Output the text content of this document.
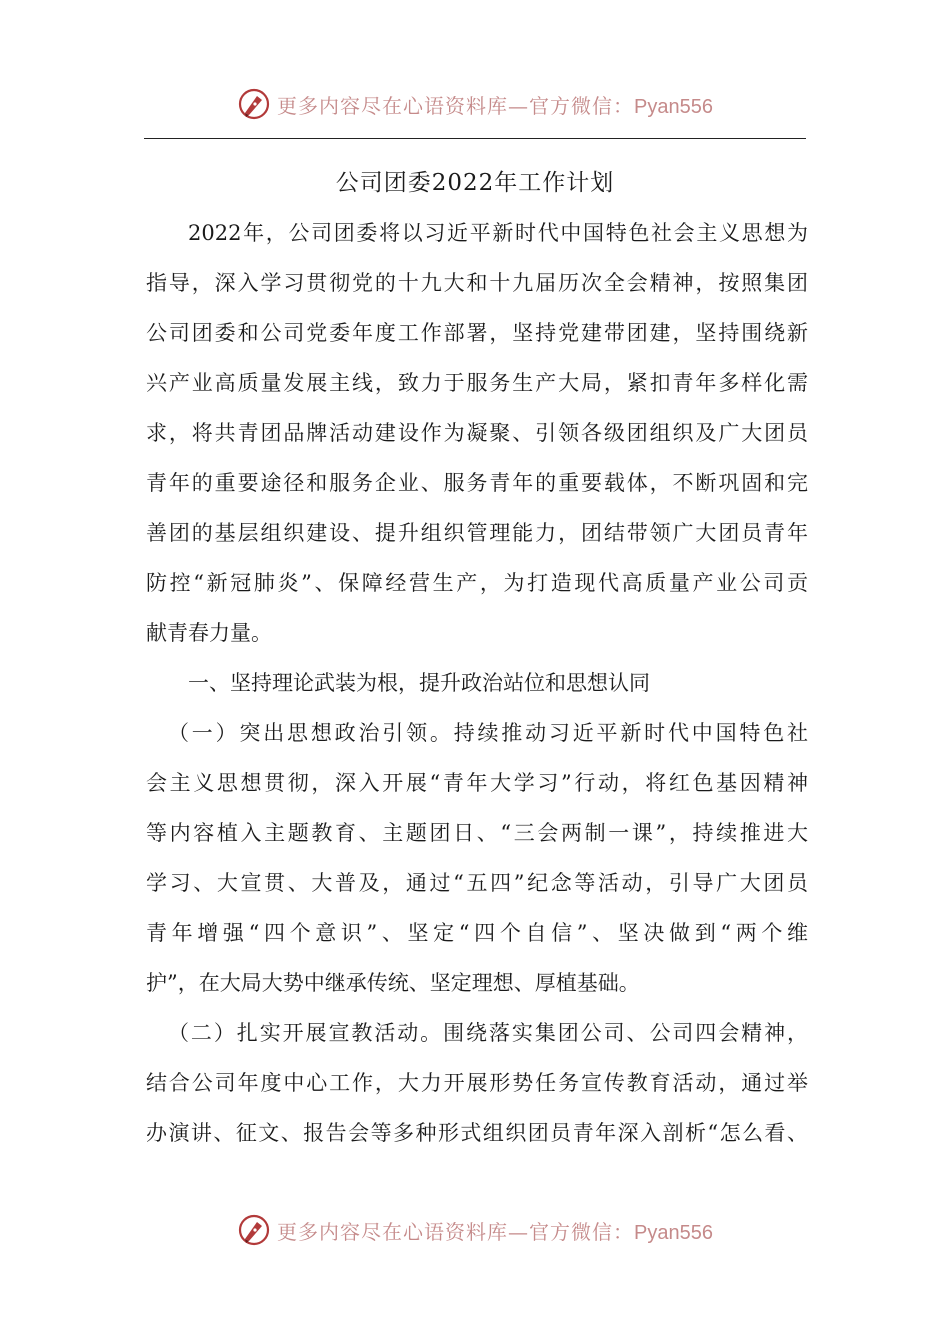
更多内容尽在心语资料库—官方微信：Pyan556
公司团委2022年工作计划
2022年，公司团委将以习近平新时代中国特色社会主义思想为
指导，深入学习贯彻党的十九大和十九届历次全会精神，按照集团
公司团委和公司党委年度工作部署，坚持党建带团建，坚持围绕新
兴产业高质量发展主线，致力于服务生产大局，紧扣青年多样化需
求，将共青团品牌活动建设作为凝聚、引领各级团组织及广大团员
青年的重要途径和服务企业、服务青年的重要载体，不断巩固和完
善团的基层组织建设、提升组织管理能力，团结带领广大团员青年
防控“新冠肺炎”、保障经营生产，为打造现代高质量产业公司贡
献青春力量。
一、坚持理论武装为根，提升政治站位和思想认同
（一）突出思想政治引领。持续推动习近平新时代中国特色社
会主义思想贯彻，深入开展“青年大学习”行动，将红色基因精神
等内容植入主题教育、主题团日、“三会两制一课”，持续推进大
学习、大宣贯、大普及，通过“五四”纪念等活动，引导广大团员
青年增强“四个意识”、坚定“四个自信”、坚决做到“两个维
护”，在大局大势中继承传统、坚定理想、厚植基础。
（二）扎实开展宣教活动。围绕落实集团公司、公司四会精神，
结合公司年度中心工作，大力开展形势任务宣传教育活动，通过举
办演讲、征文、报告会等多种形式组织团员青年深入剖析“怎么看、
更多内容尽在心语资料库—官方微信：Pyan556
